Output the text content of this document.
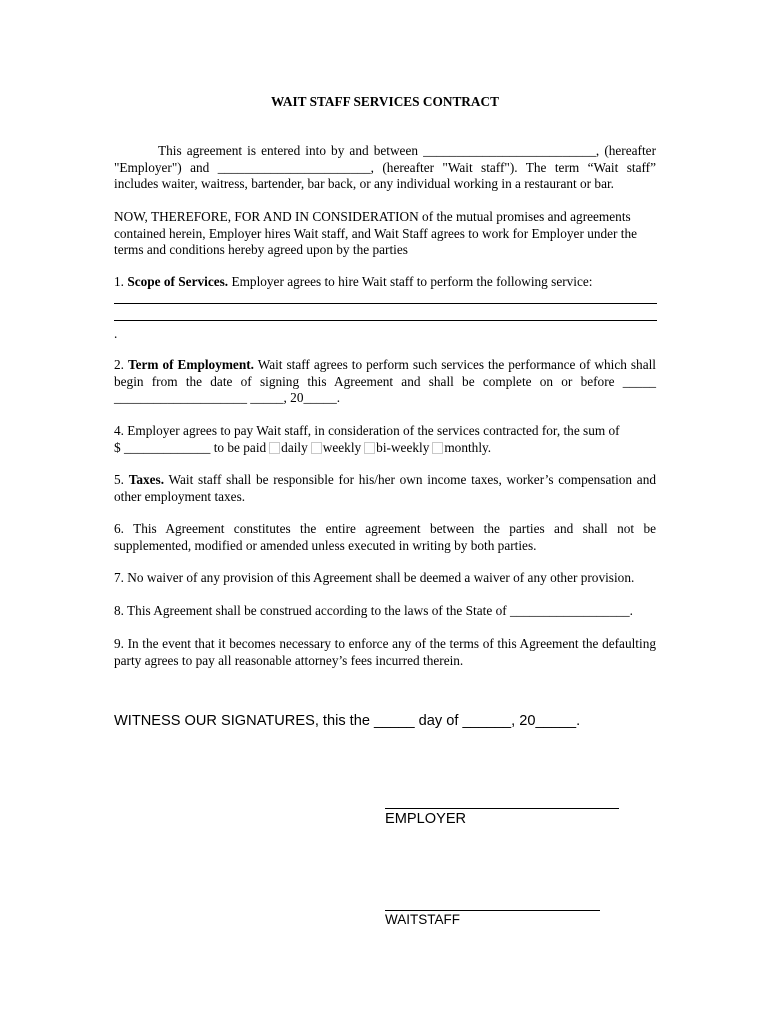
WAIT STAFF SERVICES CONTRACT

This agreement is entered into by and between __________________________, (hereafter "Employer") and _______________________, (hereafter "Wait staff"). The term “Wait staff” includes waiter, waitress, bartender, bar back, or any individual working in a restaurant or bar.

NOW, THEREFORE, FOR AND IN CONSIDERATION of the mutual promises and agreements contained herein, Employer hires Wait staff, and Wait Staff agrees to work for Employer under the terms and conditions hereby agreed upon by the parties

1. Scope of Services. Employer agrees to hire Wait staff to perform the following service:

.

2. Term of Employment. Wait staff agrees to perform such services the performance of which shall begin from the date of signing this Agreement and shall be complete on or before _____ ____________________ _____, 20_____.

4. Employer agrees to pay Wait staff, in consideration of the services contracted for, the sum of
$ _____________ to be paid daily weekly bi-weekly monthly.

5. Taxes. Wait staff shall be responsible for his/her own income taxes, worker’s compensation and other employment taxes.

6. This Agreement constitutes the entire agreement between the parties and shall not be supplemented, modified or amended unless executed in writing by both parties.

7. No waiver of any provision of this Agreement shall be deemed a waiver of any other provision.

8. This Agreement shall be construed according to the laws of the State of __________________.

9. In the event that it becomes necessary to enforce any of the terms of this Agreement the defaulting party agrees to pay all reasonable attorney’s fees incurred therein.

WITNESS OUR SIGNATURES, this the _____ day of ______, 20_____.
EMPLOYER
WAITSTAFF
